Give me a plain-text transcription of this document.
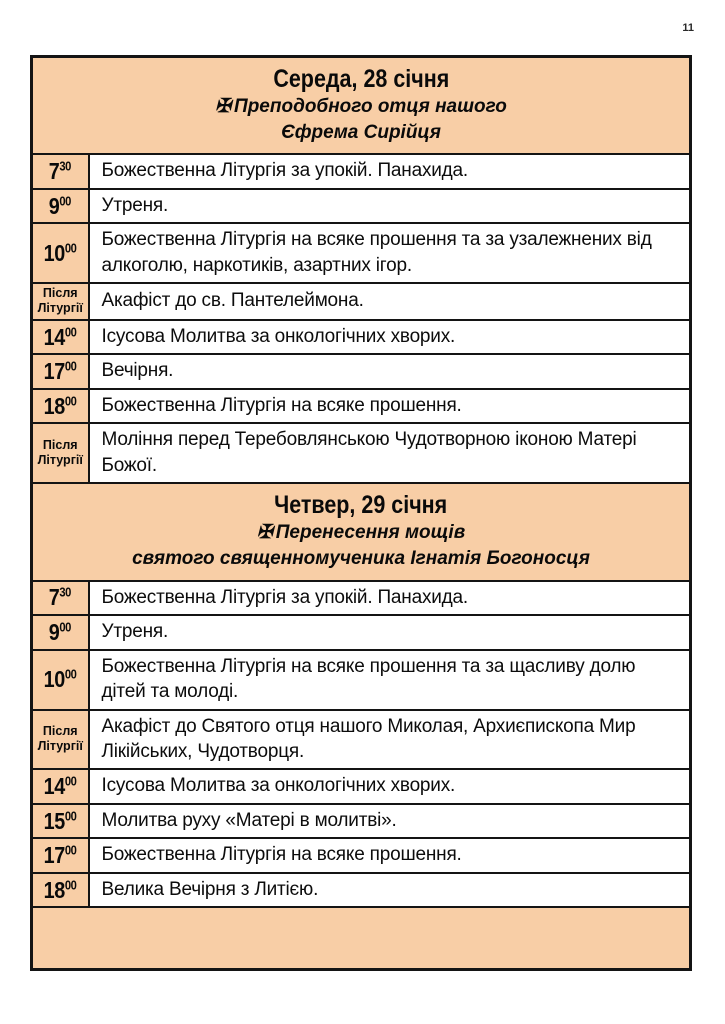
11
Середа, 28 січня
✠ Преподобного отця нашого
Єфрема Сирійця	

$7^{30}$	Божественна Літургія за упокій. Панахида.
$9^{00}$	Утреня.
$10^{00}$	Божественна Літургія на всяке прошення та за узалежнених від алкоголю, наркотиків, азартних ігор.
Після Літургії	Акафіст до св. Пантелеймона.
$14^{00}$	Ісусова Молитва за онкологічних хворих.
$17^{00}$	Вечірня.
$18^{00}$	Божественна Літургія на всяке прошення.
Після Літургії	Моління перед Теребовлянською Чудотворною іконою Матері Божої.

Четвер, 29 січня
✠ Перенесення мощів
святого священномученика Ігнатія Богоносця	

$7^{30}$	Божественна Літургія за упокій. Панахида.
$9^{00}$	Утреня.
$10^{00}$	Божественна Літургія на всяке прошення та за щасливу долю дітей та молоді.
Після Літургії	Акафіст до Святого отця нашого Миколая, Архиєпископа Мир Лікійських, Чудотворця.
$14^{00}$	Ісусова Молитва за онкологічних хворих.
$15^{00}$	Молитва руху «Матері в молитві».
$17^{00}$	Божественна Літургія на всяке прошення.
$18^{00}$	Велика Вечірня з Литією.
